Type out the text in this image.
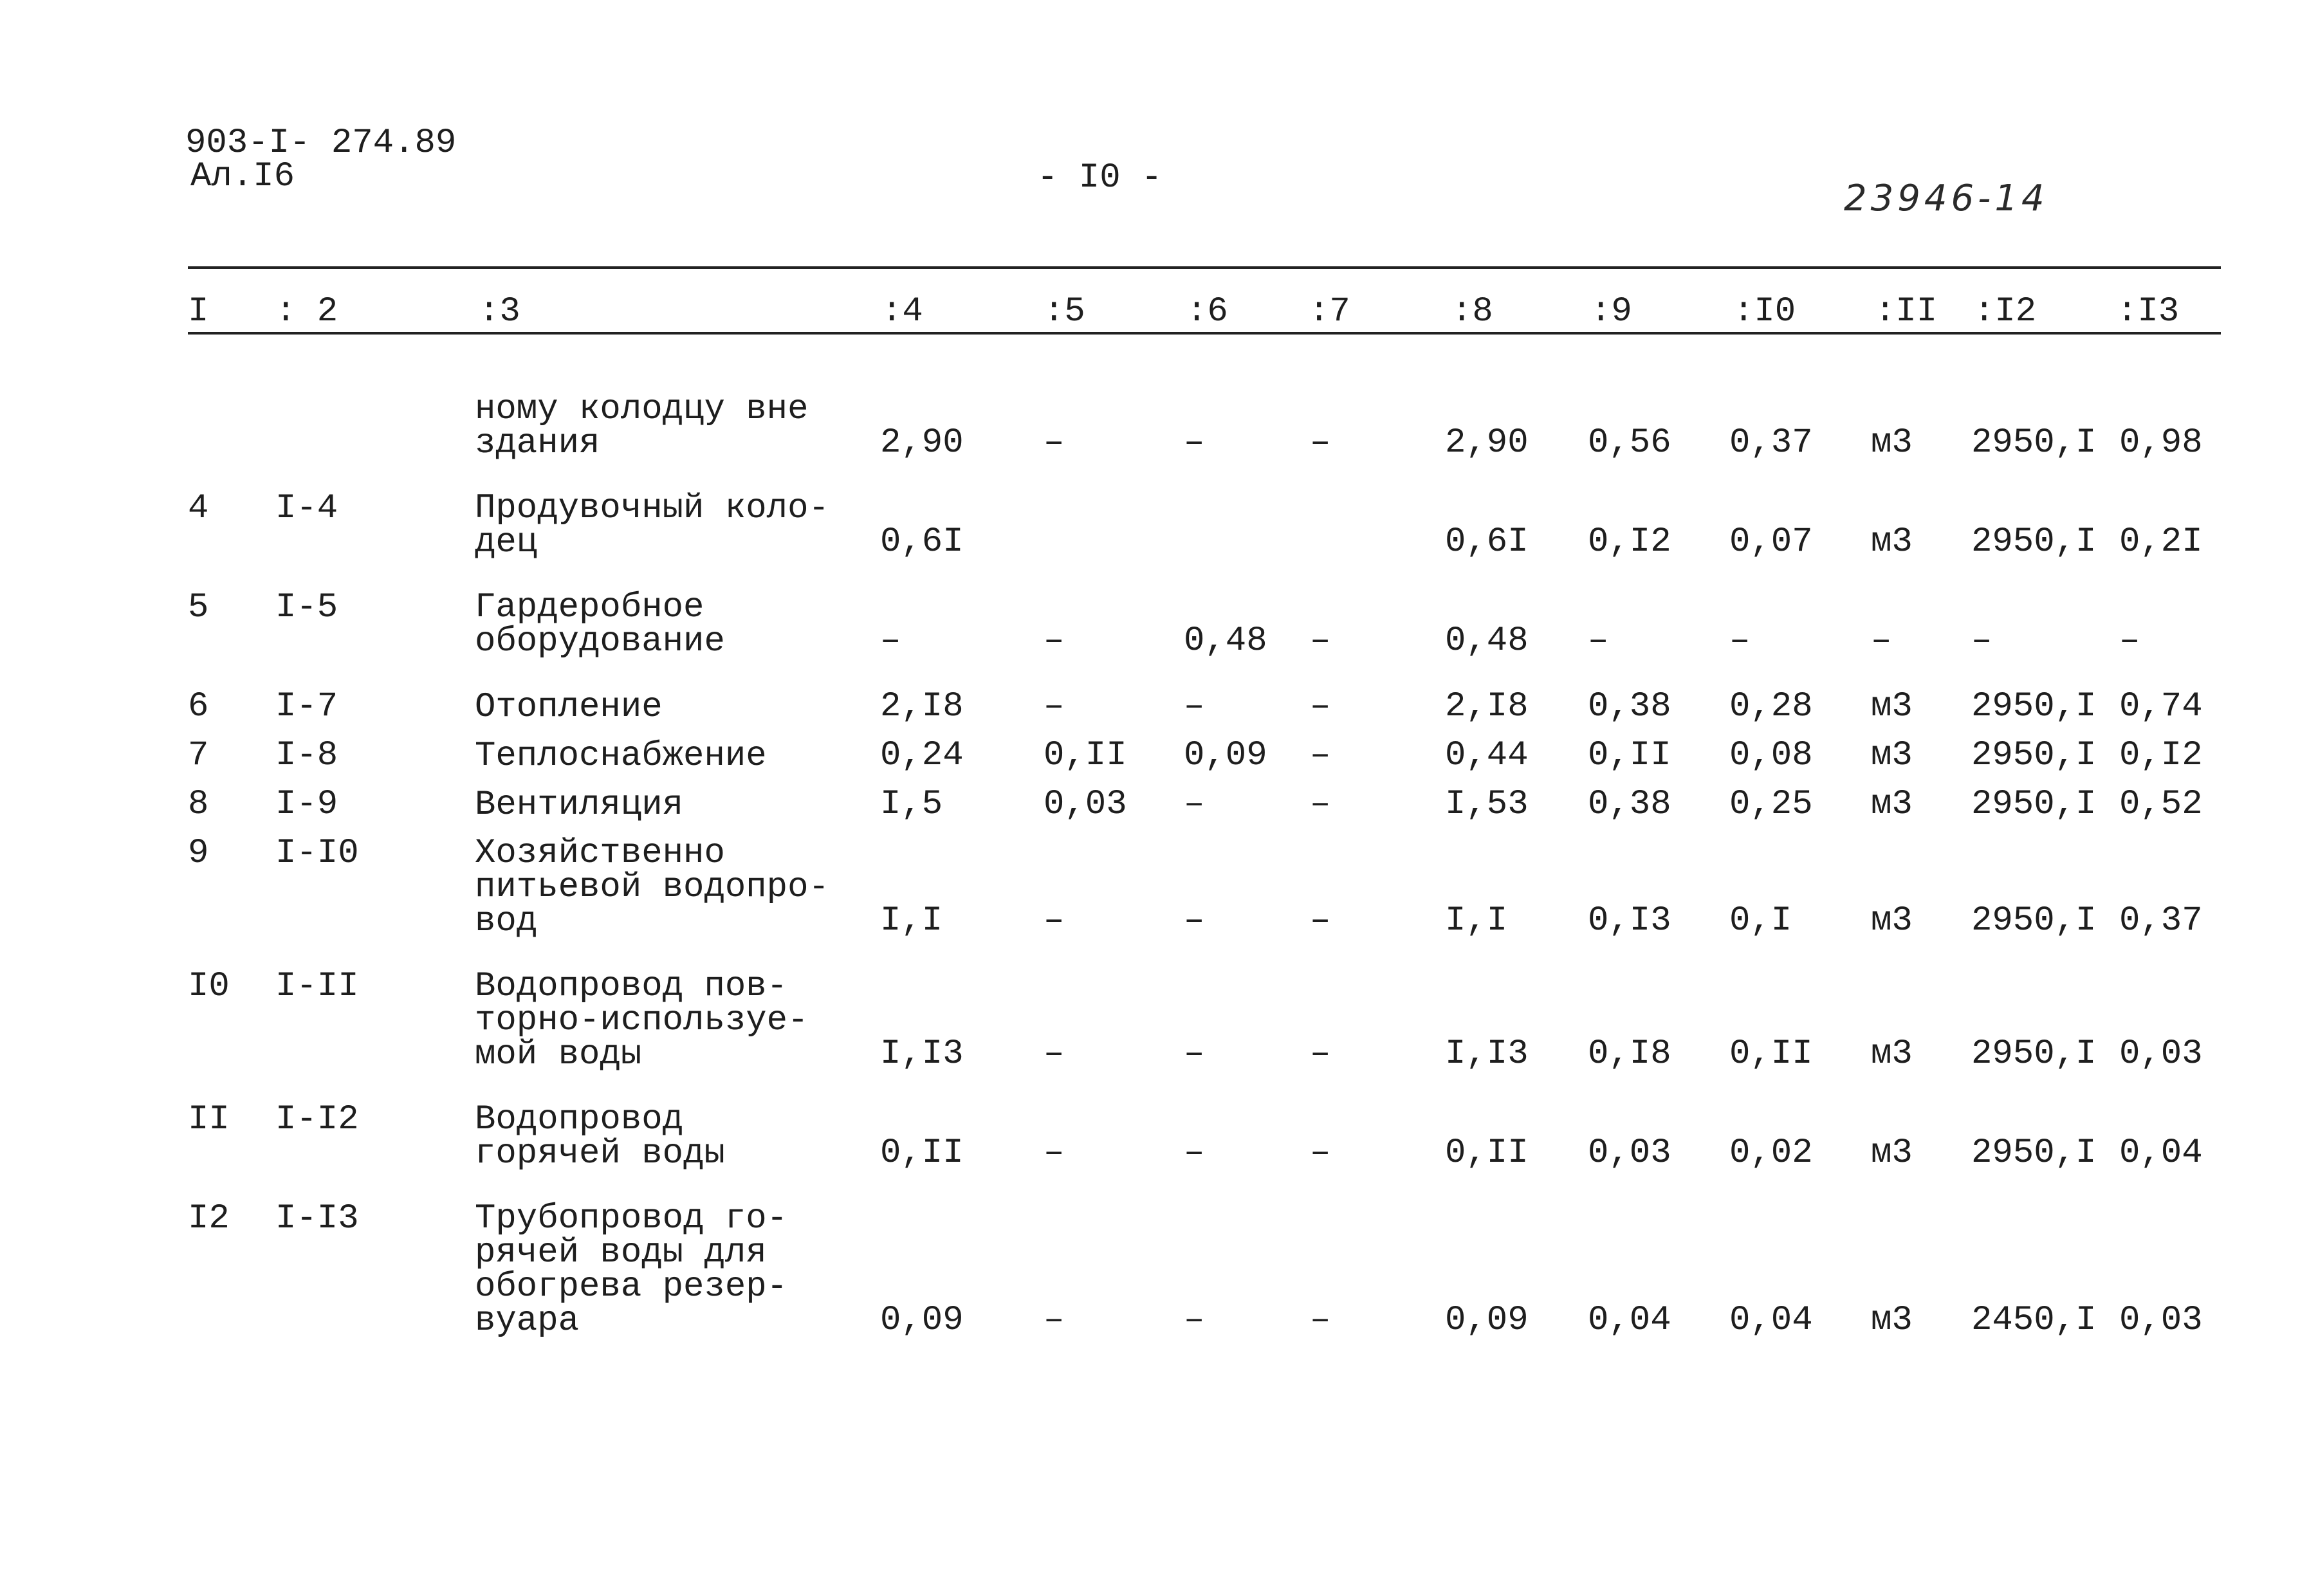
903-I- 274.89
Ал.I6	- I0 -	23946-14
I : 2	:3	:4	:5	:6 :7	:8	:9	:I0 :II :I2 :I3
		ному колодцу вне
здания	2,90	–	–	–	2,90	0,56	0,37	м3	2950,I	0,98
4	I-4	Продувочный коло-
дец	0,6I				0,6I	0,I2	0,07	м3	2950,I	0,2I
5	I-5	Гардеробное
оборудование	–	–	0,48	–	0,48	–	–	–	–	–
6	I-7	Отопление	2,I8	–	–	–	2,I8	0,38	0,28	м3	2950,I	0,74
7	I-8	Теплоснабжение	0,24	0,II	0,09	–	0,44	0,II	0,08	м3	2950,I	0,I2
8	I-9	Вентиляция	I,5	0,03	–	–	I,53	0,38	0,25	м3	2950,I	0,52
9	I-I0	Хозяйственно
питьевой водопро-
вод	I,I	–	–	–	I,I	0,I3	0,I	м3	2950,I	0,37
I0	I-II	Водопровод пов-
торно-используе-
мой воды	I,I3	–	–	–	I,I3	0,I8	0,II	м3	2950,I	0,03
II	I-I2	Водопровод
горячей воды	0,II	–	–	–	0,II	0,03	0,02	м3	2950,I	0,04
I2	I-I3	Трубопровод го-
рячей воды для
обогрева резер-
вуара	0,09	–	–	–	0,09	0,04	0,04	м3	2450,I	0,03
